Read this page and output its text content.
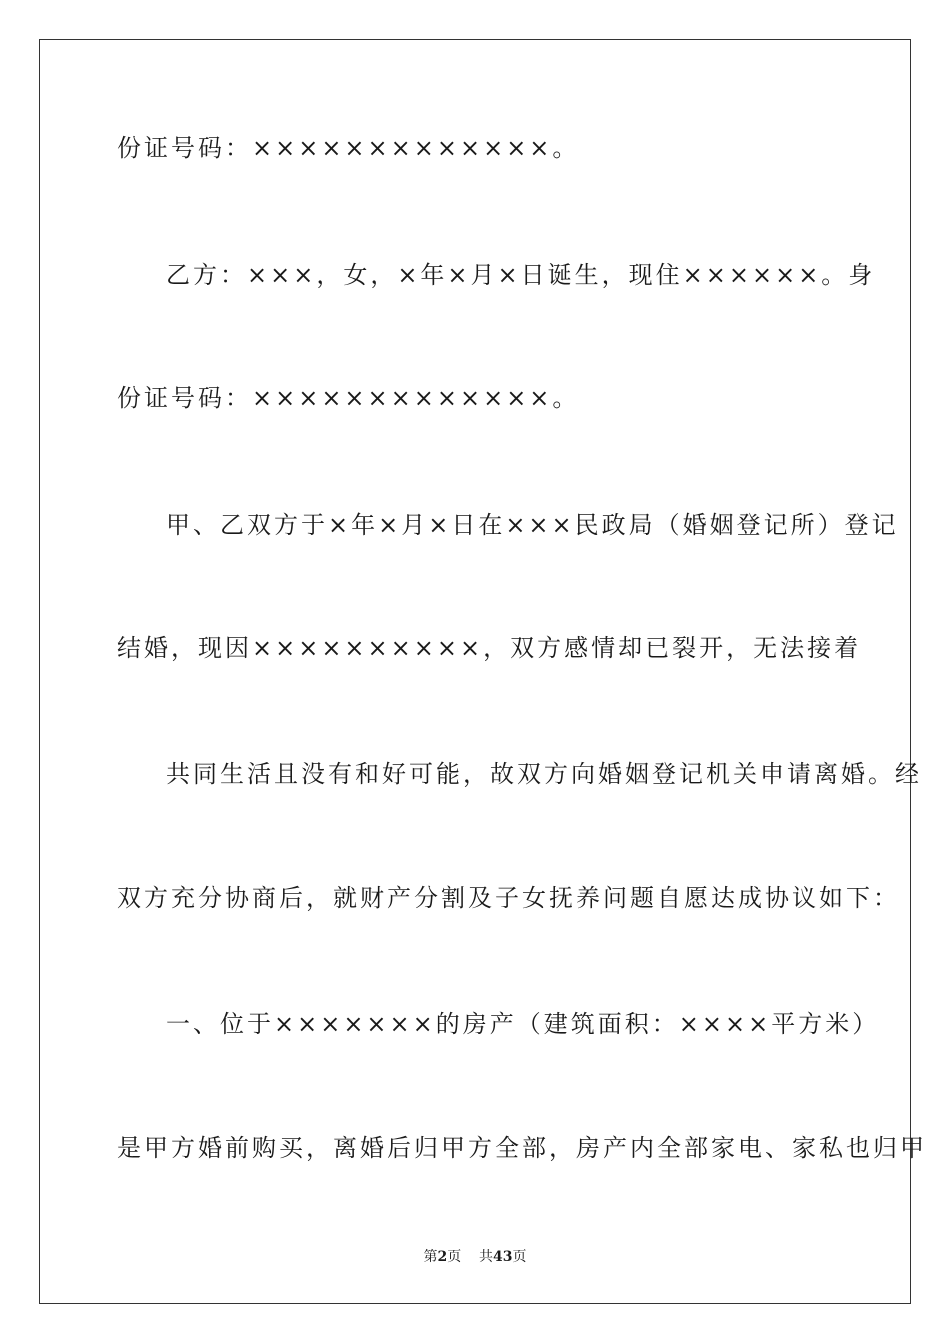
份证号码：×××××××××××××。
乙方：×××，女，×年×月×日诞生，现住××××××。身
份证号码：×××××××××××××。
甲、乙双方于×年×月×日在×××民政局（婚姻登记所）登记
结婚，现因××××××××××，双方感情却已裂开，无法接着
共同生活且没有和好可能，故双方向婚姻登记机关申请离婚。经
双方充分协商后，就财产分割及子女抚养问题自愿达成协议如下：
一、位于×××××××的房产（建筑面积：××××平方米）
是甲方婚前购买，离婚后归甲方全部，房产内全部家电、家私也归甲
第2页 共43页
